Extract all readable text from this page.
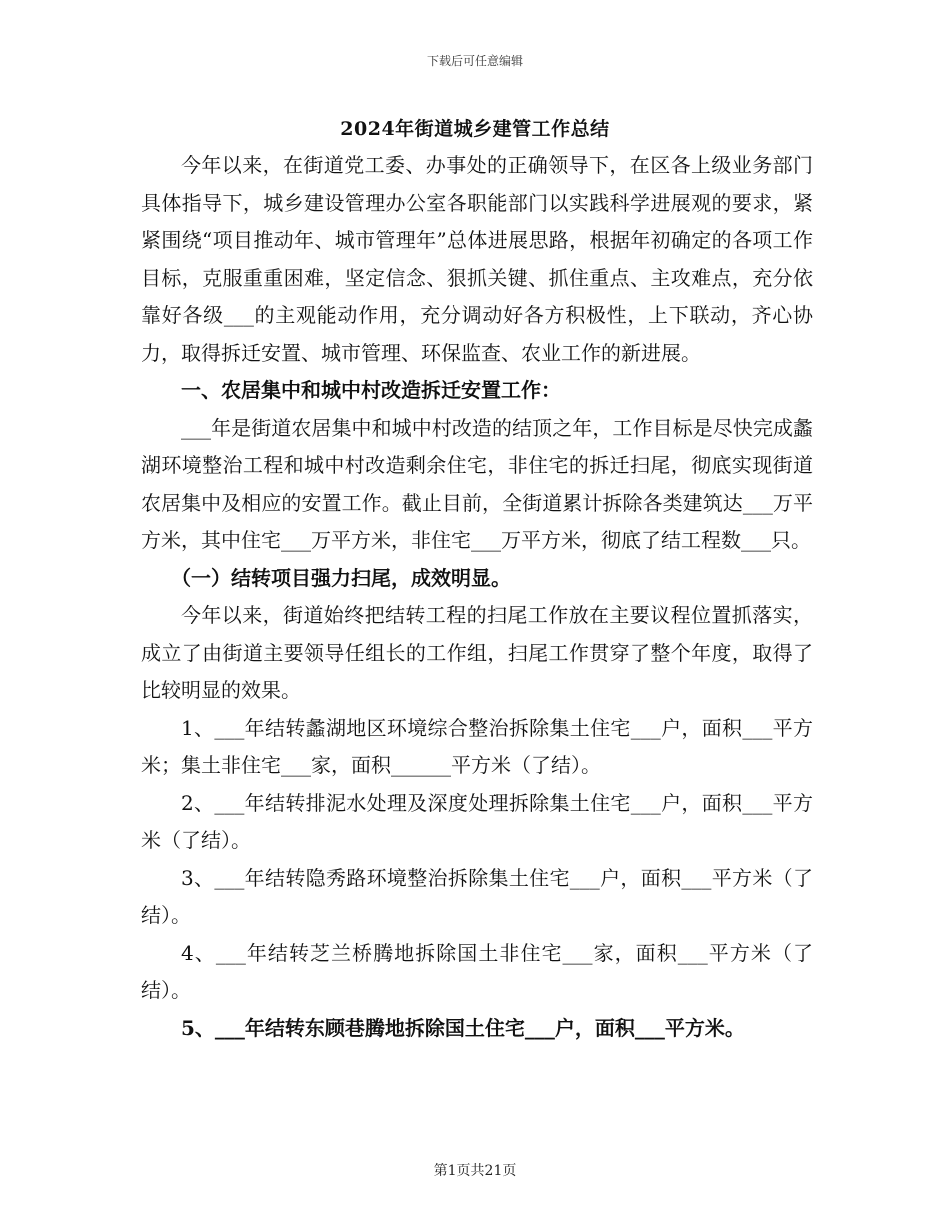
下载后可任意编辑
2024年街道城乡建管工作总结

今年以来，在街道党工委、办事处的正确领导下，在区各上级业务部门具体指导下，城乡建设管理办公室各职能部门以实践科学进展观的要求，紧紧围绕“项目推动年、城市管理年”总体进展思路，根据年初确定的各项工作目标，克服重重困难，坚定信念、狠抓关键、抓住重点、主攻难点，充分依靠好各级___的主观能动作用，充分调动好各方积极性，上下联动，齐心协力，取得拆迁安置、城市管理、环保监查、农业工作的新进展。

一、农居集中和城中村改造拆迁安置工作：

___年是街道农居集中和城中村改造的结顶之年，工作目标是尽快完成蠡湖环境整治工程和城中村改造剩余住宅，非住宅的拆迁扫尾，彻底实现街道农居集中及相应的安置工作。截止目前，全街道累计拆除各类建筑达___万平方米，其中住宅___万平方米，非住宅___万平方米，彻底了结工程数___只。

（一）结转项目强力扫尾，成效明显。

今年以来，街道始终把结转工程的扫尾工作放在主要议程位置抓落实，成立了由街道主要领导任组长的工作组，扫尾工作贯穿了整个年度，取得了比较明显的效果。

1、___年结转蠡湖地区环境综合整治拆除集土住宅___户，面积___平方米；集土非住宅___家，面积______平方米（了结）。

2、___年结转排泥水处理及深度处理拆除集土住宅___户，面积___平方米（了结）。

3、___年结转隐秀路环境整治拆除集土住宅___户，面积___平方米（了结）。

4、___年结转芝兰桥腾地拆除国土非住宅___家，面积___平方米（了结）。

5、___年结转东顾巷腾地拆除国土住宅___户，面积___平方米。

第1页共21页
